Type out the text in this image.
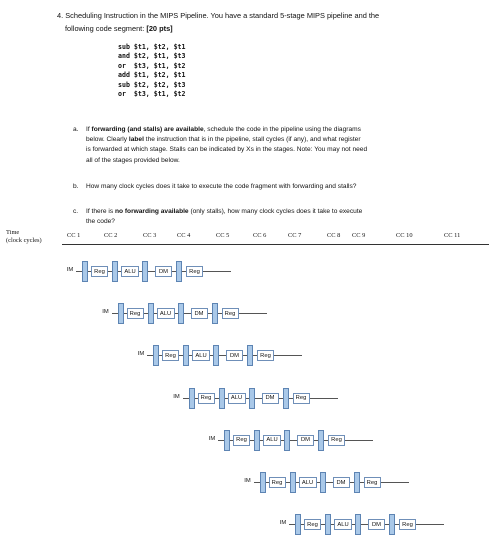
4. Scheduling Instruction in the MIPS Pipeline. You have a standard 5-stage MIPS pipeline and the
following code segment: [20 pts]
sub $t1, $t2, $t1
and $t2, $t1, $t3
or  $t3, $t1, $t2
add $t1, $t2, $t1
sub $t2, $t2, $t3
or  $t3, $t1, $t2
a. If forwarding (and stalls) are available, schedule the code in the pipeline using the diagrams
below. Clearly label the instruction that is in the pipeline, stall cycles (if any), and what register
is forwarded at which stage. Stalls can be indicated by Xs in the stages. Note: You may not need
all of the stages provided below.
b. How many clock cycles does it take to execute the code fragment with forwarding and stalls?
c. If there is no forwarding available (only stalls), how many clock cycles does it take to execute
the code?
Time
(clock cycles)
CC 1	CC 2	CC 3	CC 4	CC 5	CC 6	CC 7	CC 8 CC 9	CC 10	CC 11
IM	Reg	ALU	DM	Reg
IM	Reg	ALU	DM	Reg
IM	Reg	ALU	DM	Reg
IM	Reg	ALU	DM	Reg
IM	Reg	ALU	DM	Reg
IM	Reg	ALU	DM	Reg
IM	Reg	ALU	DM	Reg
